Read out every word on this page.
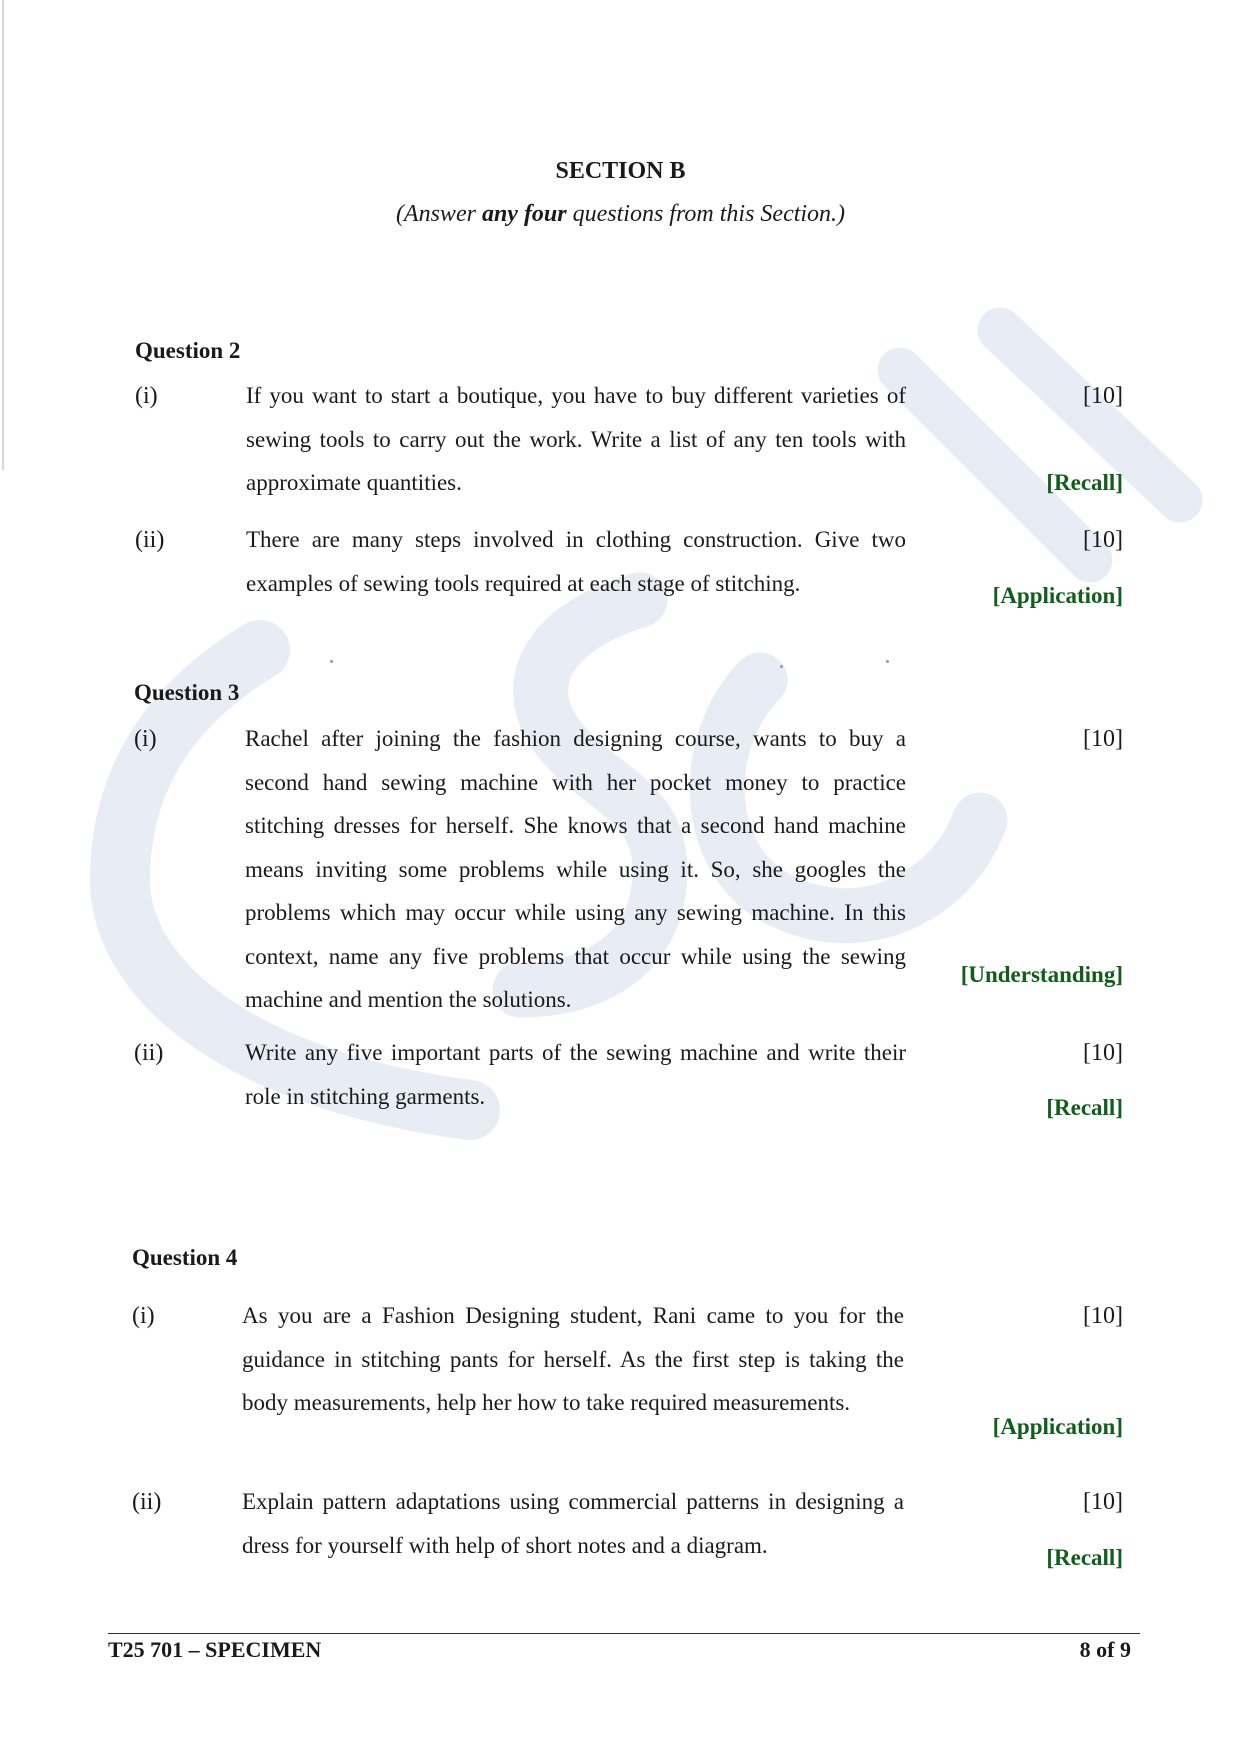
SECTION B
(Answer any four questions from this Section.)
Question 2
(i)	If you want to start a boutique, you have to buy different varieties of sewing tools to carry out the work. Write a list of any ten tools with approximate quantities.

[10]
[Recall]
(ii)	There are many steps involved in clothing construction. Give two examples of sewing tools required at each stage of stitching.

[10]
[Application]
Question 3
(i)	Rachel after joining the fashion designing course, wants to buy a second hand sewing machine with her pocket money to practice stitching dresses for herself. She knows that a second hand machine means inviting some problems while using it. So, she googles the problems which may occur while using any sewing machine. In this context, name any five problems that occur while using the sewing machine and mention the solutions.

[10]
[Understanding]
(ii)	Write any five important parts of the sewing machine and write their role in stitching garments.

[10]
[Recall]
Question 4
(i)	As you are a Fashion Designing student, Rani came to you for the guidance in stitching pants for herself. As the first step is taking the body measurements, help her how to take required measurements.

[10]
[Application]
(ii)	Explain pattern adaptations using commercial patterns in designing a dress for yourself with help of short notes and a diagram.

[10]
[Recall]
T25 701 – SPECIMEN	8 of 9
